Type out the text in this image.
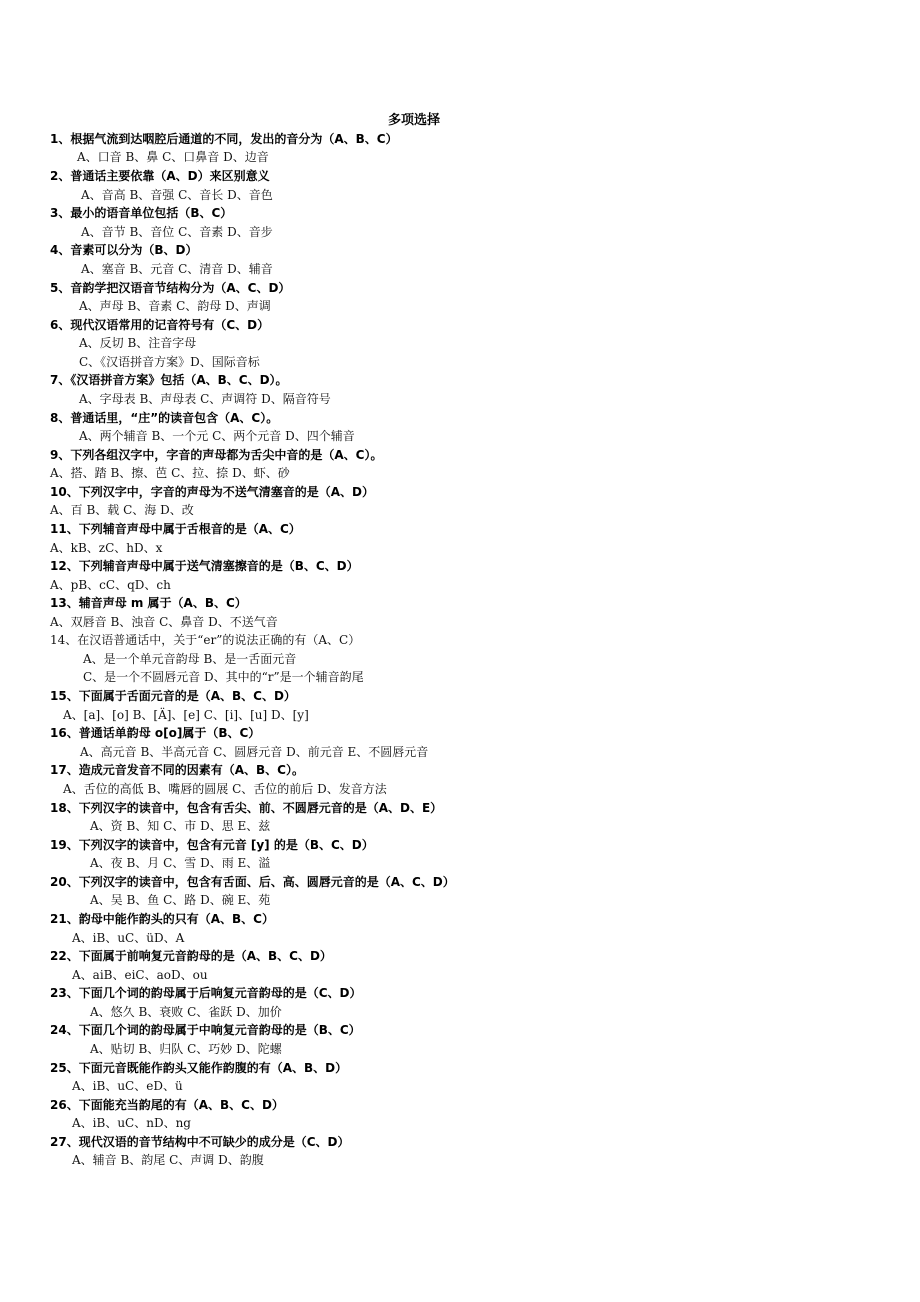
多项选择
1、根据气流到达咽腔后通道的不同，发出的音分为（A、B、C）
A、口音 B、鼻 C、口鼻音 D、边音
2、普通话主要依靠（A、D）来区别意义
A、音高 B、音强 C、音长 D、音色
3、最小的语音单位包括（B、C）
A、音节 B、音位 C、音素 D、音步
4、音素可以分为（B、D）
A、塞音 B、元音 C、清音 D、辅音
5、音韵学把汉语音节结构分为（A、C、D）
A、声母 B、音素 C、韵母 D、声调
6、现代汉语常用的记音符号有（C、D）
A、反切 B、注音字母
C、《汉语拼音方案》D、国际音标
7、《汉语拼音方案》包括（A、B、C、D）。
A、字母表 B、声母表 C、声调符 D、隔音符号
8、普通话里，“庄”的读音包含（A、C）。
A、两个辅音 B、一个元 C、两个元音 D、四个辅音
9、下列各组汉字中，字音的声母都为舌尖中音的是（A、C）。
A、搭、踏 B、擦、芭 C、拉、捺 D、虾、砂
10、下列汉字中，字音的声母为不送气清塞音的是（A、D）
A、百 B、载 C、海 D、改
11、下列辅音声母中属于舌根音的是（A、C）
A、kB、zC、hD、x
12、下列辅音声母中属于送气清塞擦音的是（B、C、D）
A、pB、cC、qD、ch
13、辅音声母 m 属于（A、B、C）
A、双唇音 B、浊音 C、鼻音 D、不送气音
14、在汉语普通话中，关于“er”的说法正确的有（A、C）
A、是一个单元音韵母 B、是一舌面元音
C、是一个不圆唇元音 D、其中的“r”是一个辅音韵尾
15、下面属于舌面元音的是（A、B、C、D）
A、[a]、[o] B、[Ä]、[e] C、[i]、[u] D、[y]
16、普通话单韵母 o[o]属于（B、C）
A、高元音 B、半高元音 C、圆唇元音 D、前元音 E、不圆唇元音
17、造成元音发音不同的因素有（A、B、C）。
A、舌位的高低 B、嘴唇的圆展 C、舌位的前后 D、发音方法
18、下列汉字的读音中，包含有舌尖、前、不圆唇元音的是（A、D、E）
A、资 B、知 C、市 D、思 E、兹
19、下列汉字的读音中，包含有元音 [y] 的是（B、C、D）
A、夜 B、月 C、雪 D、雨 E、溢
20、下列汉字的读音中，包含有舌面、后、高、圆唇元音的是（A、C、D）
A、吴 B、鱼 C、路 D、碗 E、苑
21、韵母中能作韵头的只有（A、B、C）
A、iB、uC、üD、A
22、下面属于前响复元音韵母的是（A、B、C、D）
A、aiB、eiC、aoD、ou
23、下面几个词的韵母属于后响复元音韵母的是（C、D）
A、悠久 B、衰败 C、雀跃 D、加价
24、下面几个词的韵母属于中响复元音韵母的是（B、C）
A、贴切 B、归队 C、巧妙 D、陀螺
25、下面元音既能作韵头又能作韵腹的有（A、B、D）
A、iB、uC、eD、ü
26、下面能充当韵尾的有（A、B、C、D）
A、iB、uC、nD、ng
27、现代汉语的音节结构中不可缺少的成分是（C、D）
A、辅音 B、韵尾 C、声调 D、韵腹
